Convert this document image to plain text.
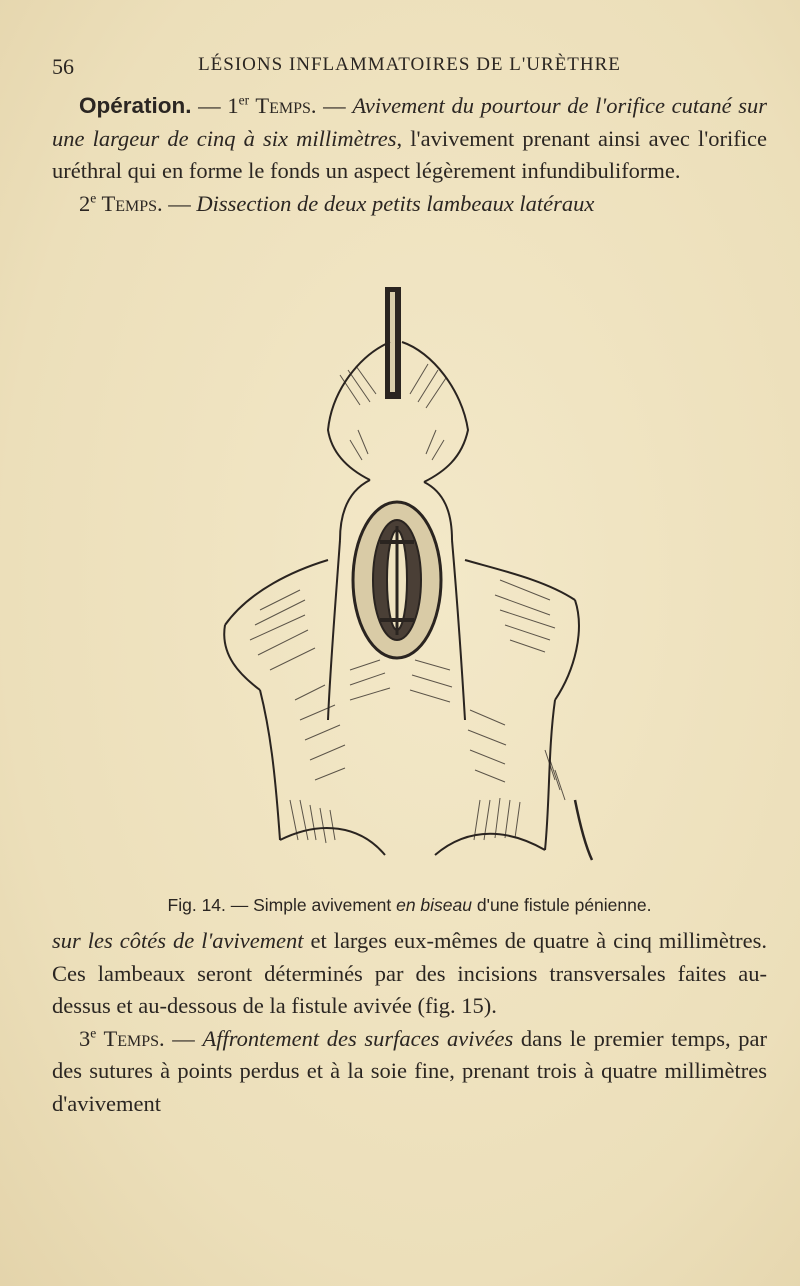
56	LÉSIONS INFLAMMATOIRES DE L'URÈTHRE

Opération. — 1er Temps. — Avivement du pourtour de l'orifice cutané sur une largeur de cinq à six millimètres, l'avivement prenant ainsi avec l'orifice uréthral qui en forme le fonds un aspect légèrement infundibuliforme.

2e Temps. — Dissection de deux petits lambeaux latéraux

Fig. 14. — Simple avivement en biseau d'une fistule pénienne.

sur les côtés de l'avivement et larges eux-mêmes de quatre à cinq millimètres. Ces lambeaux seront déterminés par des incisions transversales faites au-dessus et au-dessous de la fistule avivée (fig. 15).

3e Temps. — Affrontement des surfaces avivées dans le premier temps, par des sutures à points perdus et à la soie fine, prenant trois à quatre millimètres d'avivement
